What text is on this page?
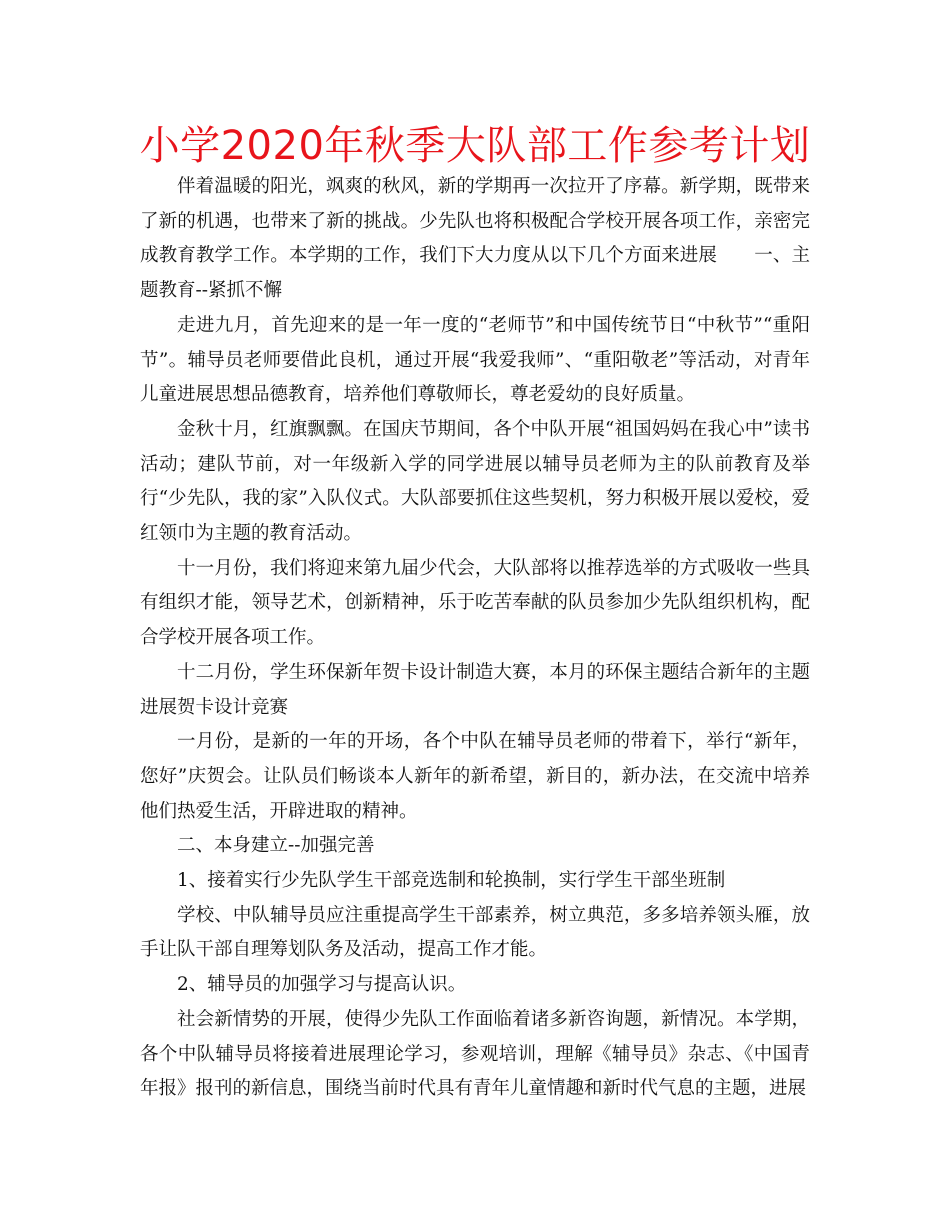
小学2020年秋季大队部工作参考计划

伴着温暖的阳光，飒爽的秋风，新的学期再一次拉开了序幕。新学期，既带来了新的机遇，也带来了新的挑战。少先队也将积极配合学校开展各项工作，亲密完成教育教学工作。本学期的工作，我们下大力度从以下几个方面来进展　　一、主题教育--紧抓不懈

走进九月，首先迎来的是一年一度的“老师节”和中国传统节日“中秋节”“重阳节”。辅导员老师要借此良机，通过开展“我爱我师”、“重阳敬老”等活动，对青年儿童进展思想品德教育，培养他们尊敬师长，尊老爱幼的良好质量。

金秋十月，红旗飘飘。在国庆节期间，各个中队开展“祖国妈妈在我心中”读书活动；建队节前，对一年级新入学的同学进展以辅导员老师为主的队前教育及举行“少先队，我的家”入队仪式。大队部要抓住这些契机，努力积极开展以爱校，爱红领巾为主题的教育活动。

十一月份，我们将迎来第九届少代会，大队部将以推荐选举的方式吸收一些具有组织才能，领导艺术，创新精神，乐于吃苦奉献的队员参加少先队组织机构，配合学校开展各项工作。

十二月份，学生环保新年贺卡设计制造大赛，本月的环保主题结合新年的主题进展贺卡设计竞赛

一月份，是新的一年的开场，各个中队在辅导员老师的带着下，举行“新年，您好”庆贺会。让队员们畅谈本人新年的新希望，新目的，新办法，在交流中培养他们热爱生活，开辟进取的精神。

二、本身建立--加强完善

1、接着实行少先队学生干部竞选制和轮换制，实行学生干部坐班制

学校、中队辅导员应注重提高学生干部素养，树立典范，多多培养领头雁，放手让队干部自理筹划队务及活动，提高工作才能。

2、辅导员的加强学习与提高认识。

社会新情势的开展，使得少先队工作面临着诸多新咨询题，新情况。本学期，各个中队辅导员将接着进展理论学习，参观培训，理解《辅导员》杂志、《中国青年报》报刊的新信息，围绕当前时代具有青年儿童情趣和新时代气息的主题，进展
